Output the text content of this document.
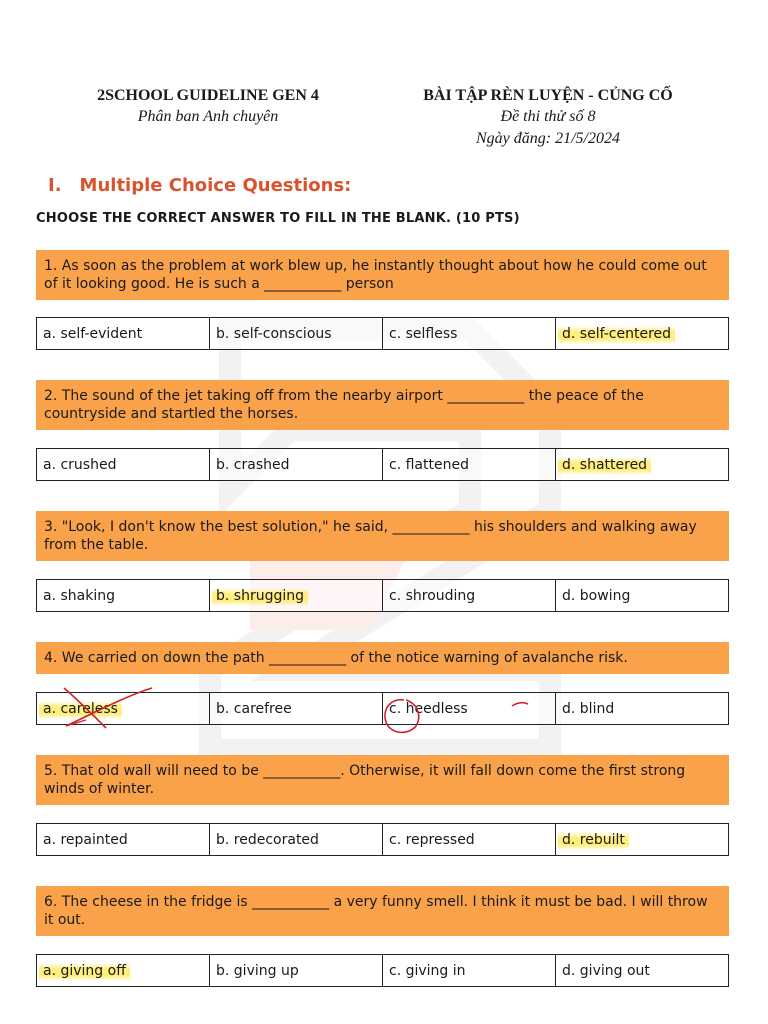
2SCHOOL GUIDELINE GEN 4
Phân ban Anh chuyên
BÀI TẬP RÈN LUYỆN - CỦNG CỐ
Đề thi thử số 8
Ngày đăng: 21/5/2024
I. Multiple Choice Questions:
CHOOSE THE CORRECT ANSWER TO FILL IN THE BLANK. (10 PTS)
1. As soon as the problem at work blew up, he instantly thought about how he could come out of it looking good. He is such a ___________ person
a. self-evident	b. self-conscious	c. selfless	d. self-centered
2. The sound of the jet taking off from the nearby airport ___________ the peace of the countryside and startled the horses.
a. crushed	b. crashed	c. flattened	d. shattered
3. "Look, I don't know the best solution," he said, ___________ his shoulders and walking away from the table.
a. shaking	b. shrugging	c. shrouding	d. bowing
4. We carried on down the path ___________ of the notice warning of avalanche risk.
a. careless	b. carefree	c. heedless	d. blind
5. That old wall will need to be ___________. Otherwise, it will fall down come the first strong winds of winter.
a. repainted	b. redecorated	c. repressed	d. rebuilt
6. The cheese in the fridge is ___________ a very funny smell. I think it must be bad. I will throw it out.
a. giving off	b. giving up	c. giving in	d. giving out
